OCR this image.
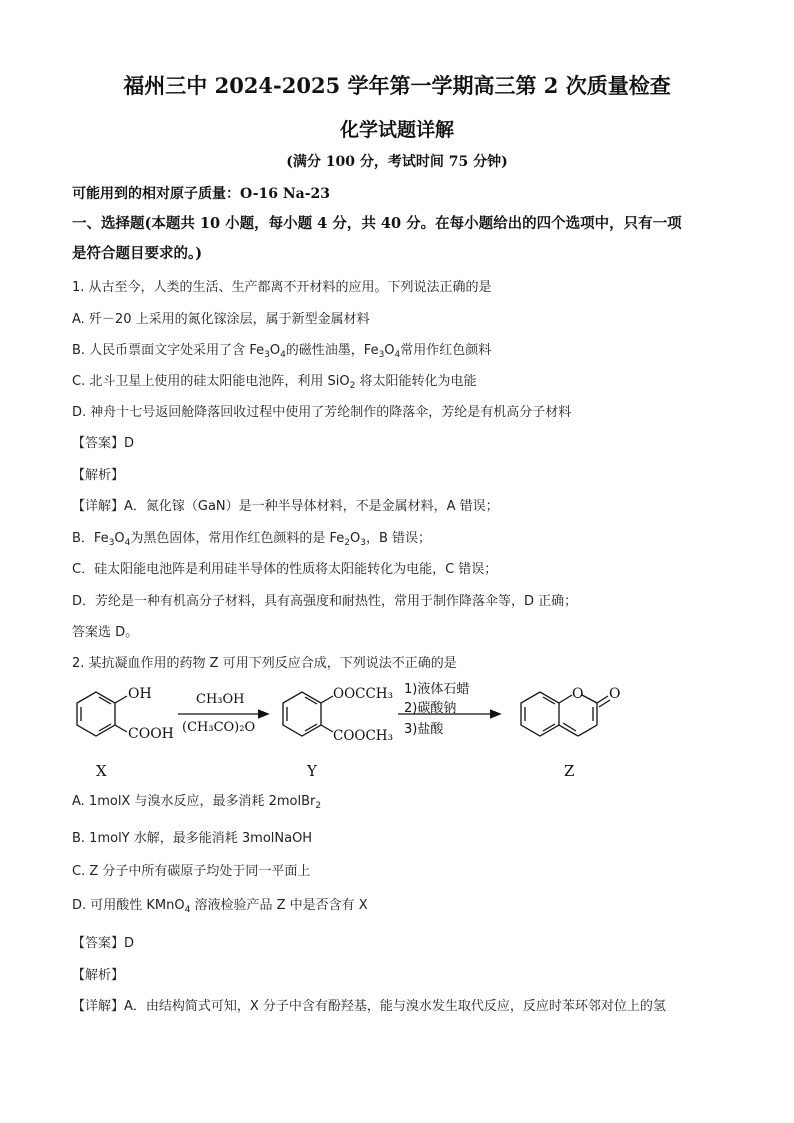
福州三中 2024-2025 学年第一学期高三第 2 次质量检查
化学试题详解
(满分 100 分，考试时间 75 分钟)
可能用到的相对原子质量：O-16 Na-23
一、选择题(本题共 10 小题，每小题 4 分，共 40 分。在每小题给出的四个选项中，只有一项
是符合题目要求的。)
1. 从古至今，人类的生活、生产都离不开材料的应用。下列说法正确的是
A. 歼－20 上采用的氮化镓涂层，属于新型金属材料
B. 人民币票面文字处采用了含 $Fe_3O_4$的磁性油墨，$Fe_3O_4$常用作红色颜料
C. 北斗卫星上使用的硅太阳能电池阵，利用 SiO$_2$ 将太阳能转化为电能
D. 神舟十七号返回舱降落回收过程中使用了芳纶制作的降落伞，芳纶是有机高分子材料
【答案】D
【解析】
【详解】A．氮化镓（GaN）是一种半导体材料，不是金属材料，A 错误；
B．$Fe_3O_4$为黑色固体，常用作红色颜料的是 $Fe_2O_3$，B 错误；
C．硅太阳能电池阵是利用硅半导体的性质将太阳能转化为电能，C 错误；
D．芳纶是一种有机高分子材料，具有高强度和耐热性，常用于制作降落伞等，D 正确；
答案选 D。
2. 某抗凝血作用的药物 Z 可用下列反应合成，下列说法不正确的是
OH
COOH
CH₃OH
(CH₃CO)₂O
OOCCH₃
COOCH₃
1)液体石蜡
2)碳酸钠
3)盐酸
O O
X	Y	Z
A. 1molX 与溴水反应，最多消耗 2molBr$_2$
B. 1molY 水解，最多能消耗 3molNaOH
C. Z 分子中所有碳原子均处于同一平面上
D. 可用酸性 KMnO$_4$ 溶液检验产品 Z 中是否含有 X
【答案】D
【解析】
【详解】A．由结构简式可知，X 分子中含有酚羟基，能与溴水发生取代反应，反应时苯环邻对位上的氢
